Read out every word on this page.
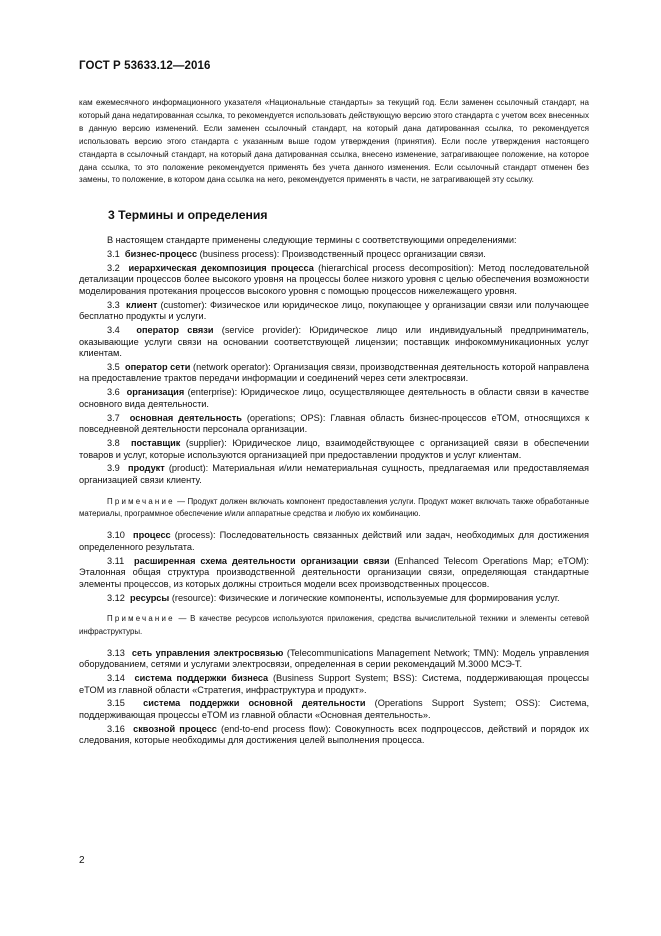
ГОСТ Р 53633.12—2016

кам ежемесячного информационного указателя «Национальные стандарты» за текущий год. Если заменен ссылочный стандарт, на который дана недатированная ссылка, то рекомендуется использовать действующую версию этого стандарта с учетом всех внесенных в данную версию изменений. Если заменен ссылочный стандарт, на который дана датированная ссылка, то рекомендуется использовать версию этого стандарта с указанным выше годом утверждения (принятия). Если после утверждения настоящего стандарта в ссылочный стандарт, на который дана датированная ссылка, внесено изменение, затрагивающее положение, на которое дана ссылка, то это положение рекомендуется применять без учета данного изменения. Если ссылочный стандарт отменен без замены, то положение, в котором дана ссылка на него, рекомендуется применять в части, не затрагивающей эту ссылку.

3 Термины и определения

В настоящем стандарте применены следующие термины с соответствующими определениями:

3.1 бизнес-процесс (business process): Производственный процесс организации связи.

3.2 иерархическая декомпозиция процесса (hierarchical process decomposition): Метод последовательной детализации процессов более высокого уровня на процессы более низкого уровня с целью обеспечения возможности моделирования протекания процессов высокого уровня с помощью процессов нижележащего уровня.

3.3 клиент (customer): Физическое или юридическое лицо, покупающее у организации связи или получающее бесплатно продукты и услуги.

3.4 оператор связи (service provider): Юридическое лицо или индивидуальный предприниматель, оказывающие услуги связи на основании соответствующей лицензии; поставщик инфокоммуникационных услуг клиентам.

3.5 оператор сети (network operator): Организация связи, производственная деятельность которой направлена на предоставление трактов передачи информации и соединений через сети электросвязи.

3.6 организация (enterprise): Юридическое лицо, осуществляющее деятельность в области связи в качестве основного вида деятельности.

3.7 основная деятельность (operations; OPS): Главная область бизнес-процессов eTOM, относящихся к повседневной деятельности персонала организации.

3.8 поставщик (supplier): Юридическое лицо, взаимодействующее с организацией связи в обеспечении товаров и услуг, которые используются организацией при предоставлении продуктов и услуг клиентам.

3.9 продукт (product): Материальная и/или нематериальная сущность, предлагаемая или предоставляемая организацией связи клиенту.

Примечание — Продукт должен включать компонент предоставления услуги. Продукт может включать также обработанные материалы, программное обеспечение и/или аппаратные средства и любую их комбинацию.

3.10 процесс (process): Последовательность связанных действий или задач, необходимых для достижения определенного результата.

3.11 расширенная схема деятельности организации связи (Enhanced Telecom Operations Map; eTOM): Эталонная общая структура производственной деятельности организации связи, определяющая стандартные элементы процессов, из которых должны строиться модели всех производственных процессов.

3.12 ресурсы (resource): Физические и логические компоненты, используемые для формирования услуг.

Примечание — В качестве ресурсов используются приложения, средства вычислительной техники и элементы сетевой инфраструктуры.

3.13 сеть управления электросвязью (Telecommunications Management Network; TMN): Модель управления оборудованием, сетями и услугами электросвязи, определенная в серии рекомендаций М.3000 МСЭ-Т.

3.14 система поддержки бизнеса (Business Support System; BSS): Система, поддерживающая процессы eTOM из главной области «Стратегия, инфраструктура и продукт».

3.15 система поддержки основной деятельности (Operations Support System; OSS): Система, поддерживающая процессы eTOM из главной области «Основная деятельность».

3.16 сквозной процесс (end-to-end process flow): Совокупность всех подпроцессов, действий и порядок их следования, которые необходимы для достижения целей выполнения процесса.

2
